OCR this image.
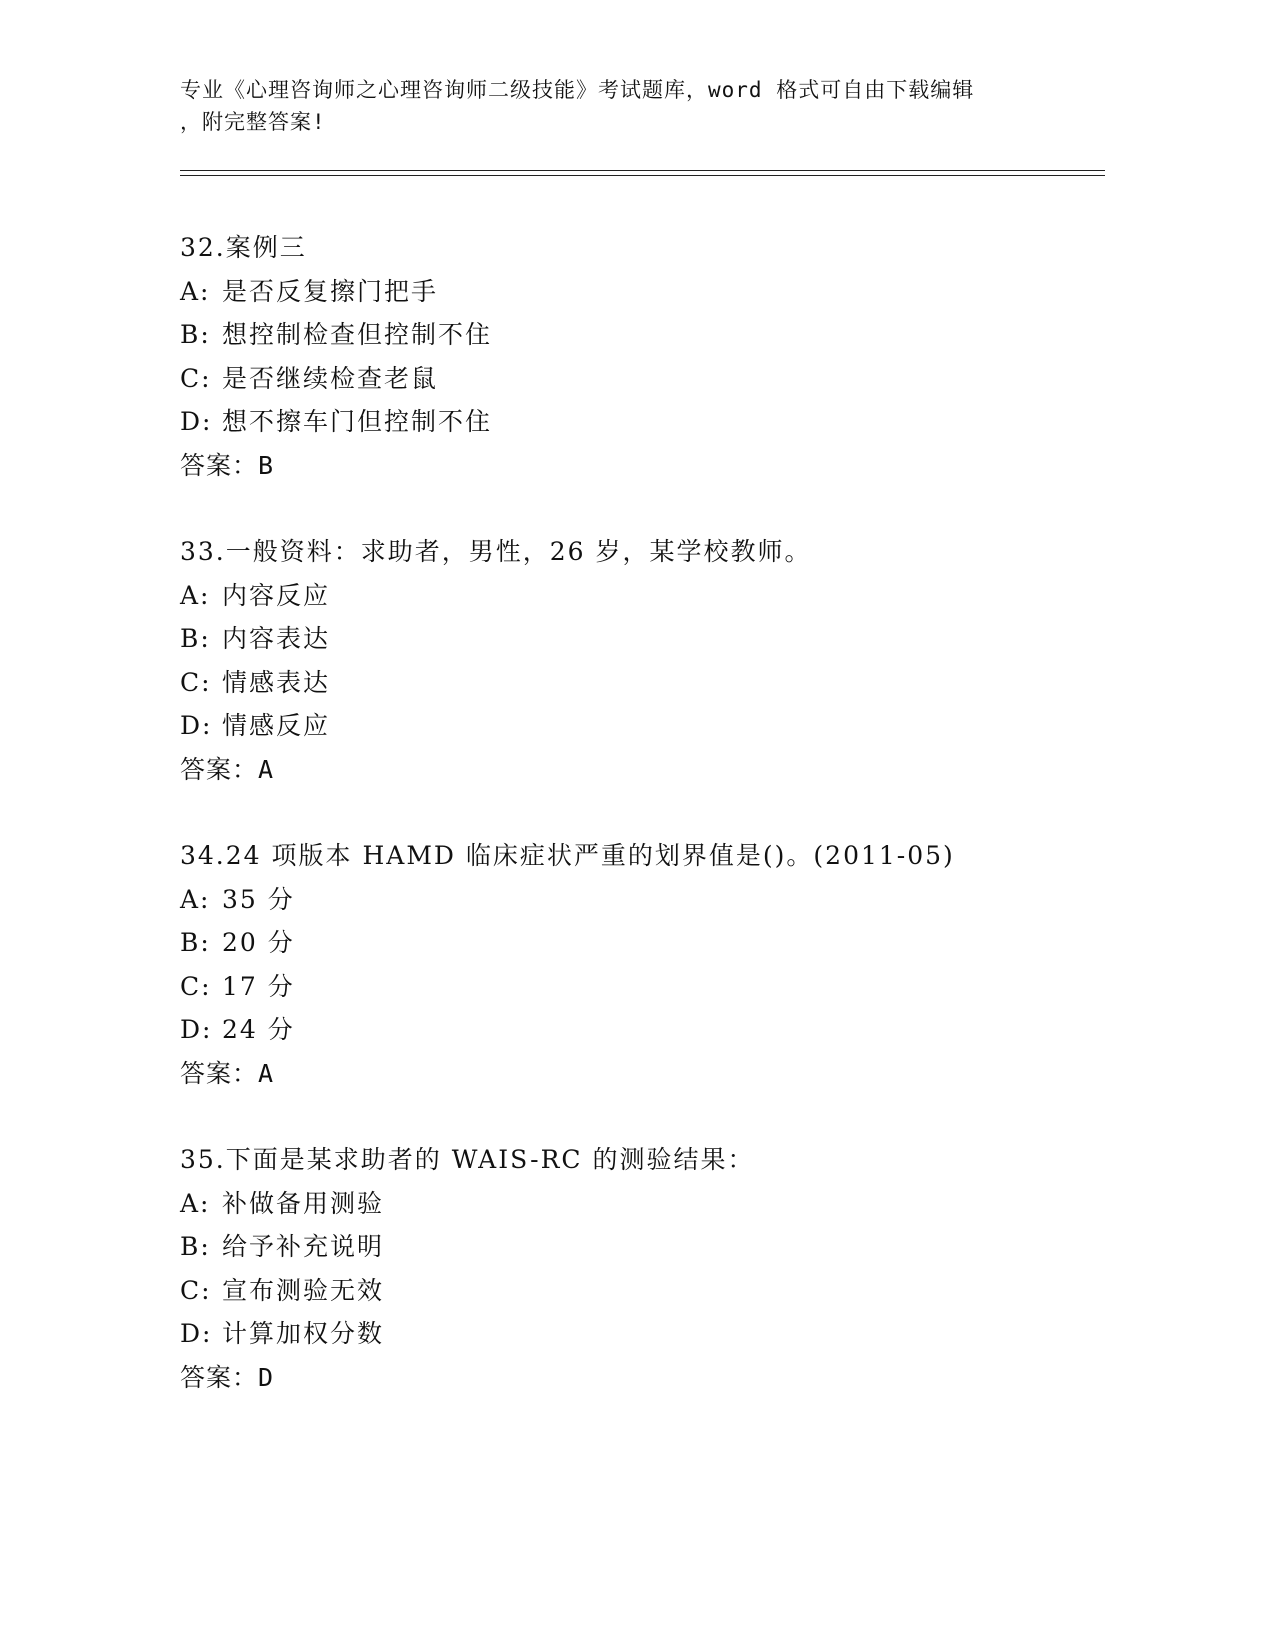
专业《心理咨询师之心理咨询师二级技能》考试题库，word 格式可自由下载编辑
，附完整答案!
32.案例三
A: 是否反复擦门把手
B: 想控制检查但控制不住
C: 是否继续检查老鼠
D: 想不擦车门但控制不住
答案：B
33.一般资料：求助者，男性，26 岁，某学校教师。
A: 内容反应
B: 内容表达
C: 情感表达
D: 情感反应
答案：A
34.24 项版本 HAMD 临床症状严重的划界值是()。(2011-05)
A: 35 分
B: 20 分
C: 17 分
D: 24 分
答案：A
35.下面是某求助者的 WAIS-RC 的测验结果：
A: 补做备用测验
B: 给予补充说明
C: 宣布测验无效
D: 计算加权分数
答案：D
